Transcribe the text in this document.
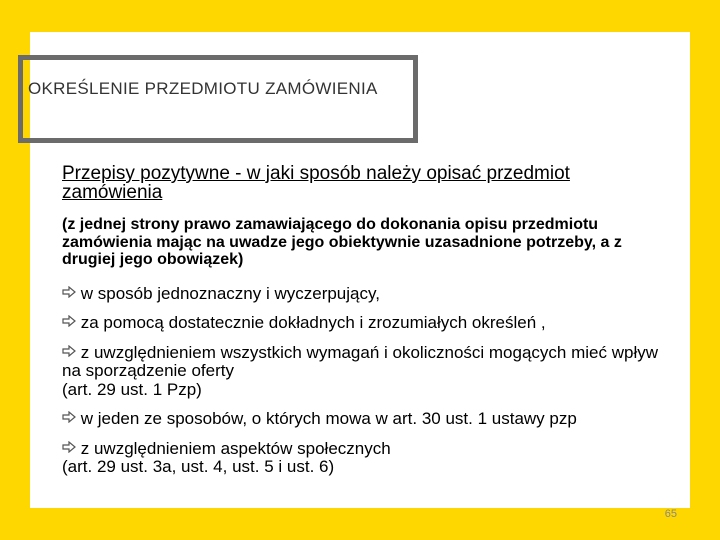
OKREŚLENIE PRZEDMIOTU ZAMÓWIENIA

Przepisy pozytywne - w jaki sposób należy opisać przedmiot zamówienia

(z jednej strony prawo zamawiającego do dokonania opisu przedmiotu zamówienia mając na uwadze jego obiektywnie uzasadnione potrzeby, a z drugiej jego obowiązek)

w sposób jednoznaczny i wyczerpujący,

za pomocą dostatecznie dokładnych i zrozumiałych określeń ,

z uwzględnieniem wszystkich wymagań i okoliczności mogących mieć wpływ na sporządzenie oferty
(art. 29 ust. 1 Pzp)

w jeden ze sposobów, o których mowa w art. 30 ust. 1 ustawy pzp

z uwzględnieniem aspektów społecznych
(art. 29 ust. 3a, ust. 4, ust. 5 i ust. 6)

65
